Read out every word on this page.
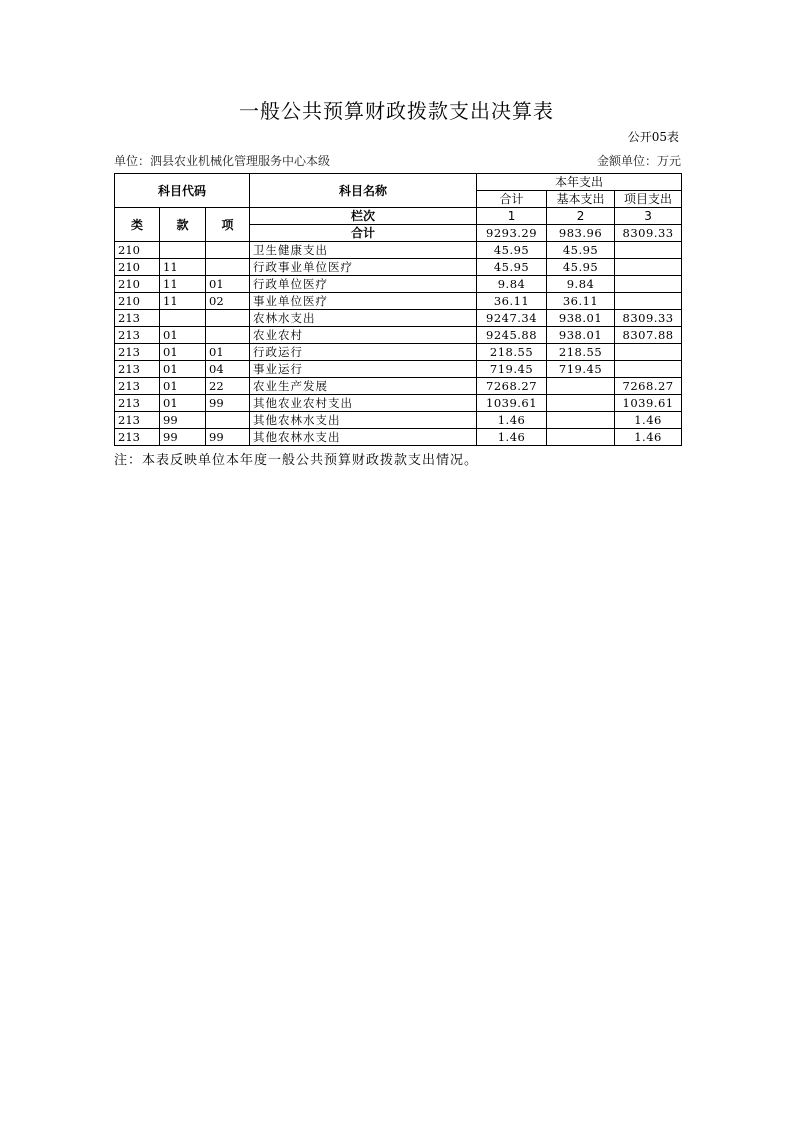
一般公共预算财政拨款支出决算表
公开05表
单位：泗县农业机械化管理服务中心本级	金额单位：万元
科目代码			科目名称	本年支出		
				合计	基本支出	项目支出
类	款	项	栏次	1	2	3
			合计	9293.29	983.96	8309.33
210			卫生健康支出	45.95	45.95	
210	11		行政事业单位医疗	45.95	45.95	
210	11	01	行政单位医疗	9.84	9.84	
210	11	02	事业单位医疗	36.11	36.11	
213			农林水支出	9247.34	938.01	8309.33
213	01		农业农村	9245.88	938.01	8307.88
213	01	01	行政运行	218.55	218.55	
213	01	04	事业运行	719.45	719.45	
213	01	22	农业生产发展	7268.27		7268.27
213	01	99	其他农业农村支出	1039.61		1039.61
213	99		其他农林水支出	1.46		1.46
213	99	99	其他农林水支出	1.46		1.46
注：本表反映单位本年度一般公共预算财政拨款支出情况。
